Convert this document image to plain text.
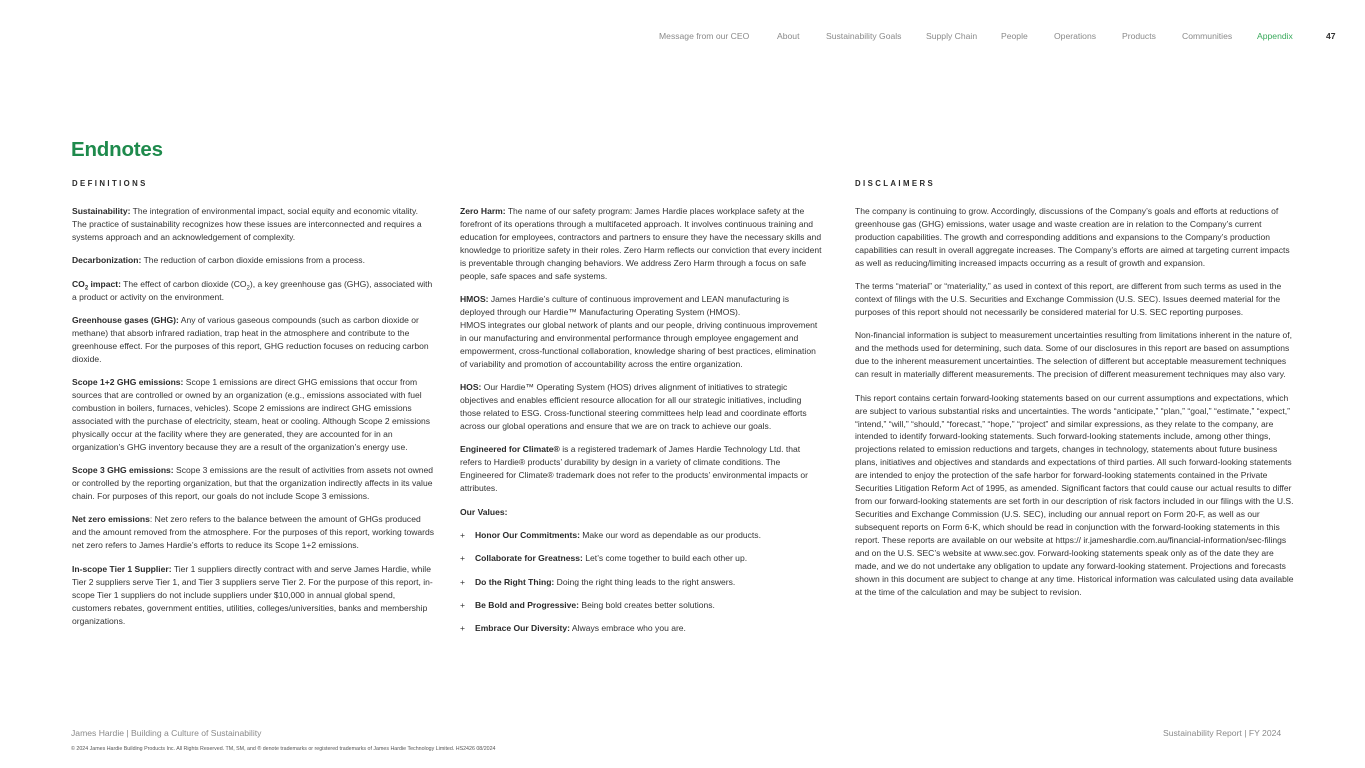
Message from our CEO	About	Sustainability Goals	Supply Chain	People	Operations	Products	Communities	Appendix	47
Endnotes
DEFINITIONS	DISCLAIMERS

Sustainability: The integration of environmental impact, social equity and economic vitality. The practice of sustainability recognizes how these issues are interconnected and requires a systems approach and an acknowledgement of complexity.

Decarbonization: The reduction of carbon dioxide emissions from a process.

$CO_2$ impact: The effect of carbon dioxide $(CO_2)$, a key greenhouse gas (GHG), associated with a product or activity on the environment.

Greenhouse gases (GHG): Any of various gaseous compounds (such as carbon dioxide or methane) that absorb infrared radiation, trap heat in the atmosphere and contribute to the greenhouse effect. For the purposes of this report, GHG reduction focuses on reducing carbon dioxide.

Scope 1+2 GHG emissions: Scope 1 emissions are direct GHG emissions that occur from sources that are controlled or owned by an organization (e.g., emissions associated with fuel combustion in boilers, furnaces, vehicles). Scope 2 emissions are indirect GHG emissions associated with the purchase of electricity, steam, heat or cooling. Although Scope 2 emissions physically occur at the facility where they are generated, they are accounted for in an organization’s GHG inventory because they are a result of the organization’s energy use.

Scope 3 GHG emissions: Scope 3 emissions are the result of activities from assets not owned or controlled by the reporting organization, but that the organization indirectly affects in its value chain. For purposes of this report, our goals do not include Scope 3 emissions.

Net zero emissions: Net zero refers to the balance between the amount of GHGs produced and the amount removed from the atmosphere. For the purposes of this report, working towards net zero refers to James Hardie’s efforts to reduce its Scope 1+2 emissions.

In-scope Tier 1 Supplier: Tier 1 suppliers directly contract with and serve James Hardie, while Tier 2 suppliers serve Tier 1, and Tier 3 suppliers serve Tier 2. For the purpose of this report, in-scope Tier 1 suppliers do not include suppliers under $10,000 in annual global spend, customers rebates, government entities, utilities, colleges/universities, banks and membership organizations.

Zero Harm: The name of our safety program: James Hardie places workplace safety at the forefront of its operations through a multifaceted approach. It involves continuous training and education for employees, contractors and partners to ensure they have the necessary skills and knowledge to prioritize safety in their roles. Zero Harm reflects our conviction that every incident is preventable through changing behaviors. We address Zero Harm through a focus on safe people, safe spaces and safe systems.

HMOS: James Hardie’s culture of continuous improvement and LEAN manufacturing is deployed through our Hardie™ Manufacturing Operating System (HMOS).
HMOS integrates our global network of plants and our people, driving continuous improvement in our manufacturing and environmental performance through employee engagement and empowerment, cross-functional collaboration, knowledge sharing of best practices, elimination of variability and promotion of accountability across the entire organization.

HOS: Our Hardie™ Operating System (HOS) drives alignment of initiatives to strategic objectives and enables efficient resource allocation for all our strategic initiatives, including those related to ESG. Cross-functional steering committees help lead and coordinate efforts across our global operations and ensure that we are on track to achieve our goals.

Engineered for Climate® is a registered trademark of James Hardie Technology Ltd. that refers to Hardie® products’ durability by design in a variety of climate conditions. The Engineered for Climate® trademark does not refer to the products’ environmental impacts or attributes.

Our Values:

+ Honor Our Commitments: Make our word as dependable as our products.
+ Collaborate for Greatness: Let’s come together to build each other up.
+ Do the Right Thing: Doing the right thing leads to the right answers.
+ Be Bold and Progressive: Being bold creates better solutions.
+ Embrace Our Diversity: Always embrace who you are.

The company is continuing to grow. Accordingly, discussions of the Company’s goals and efforts at reductions of greenhouse gas (GHG) emissions, water usage and waste creation are in relation to the Company’s current production capabilities. The growth and corresponding additions and expansions to the Company’s production capabilities can result in overall aggregate increases. The Company’s efforts are aimed at targeting current impacts as well as reducing/limiting increased impacts occurring as a result of growth and expansion.

The terms “material” or “materiality,” as used in context of this report, are different from such terms as used in the context of filings with the U.S. Securities and Exchange Commission (U.S. SEC). Issues deemed material for the purposes of this report should not necessarily be considered material for U.S. SEC reporting purposes.

Non-financial information is subject to measurement uncertainties resulting from limitations inherent in the nature of, and the methods used for determining, such data. Some of our disclosures in this report are based on assumptions due to the inherent measurement uncertainties. The selection of different but acceptable measurement techniques can result in materially different measurements. The precision of different measurement techniques may also vary.

This report contains certain forward-looking statements based on our current assumptions and expectations, which are subject to various substantial risks and uncertainties. The words “anticipate,” “plan,” “goal,” “estimate,” “expect,” “intend,” “will,” “should,” “forecast,” “hope,” “project” and similar expressions, as they relate to the company, are intended to identify forward-looking statements. Such forward-looking statements include, among other things, projections related to emission reductions and targets, changes in technology, statements about future business plans, initiatives and objectives and standards and expectations of third parties. All such forward-looking statements are intended to enjoy the protection of the safe harbor for forward-looking statements contained in the Private Securities Litigation Reform Act of 1995, as amended. Significant factors that could cause our actual results to differ from our forward-looking statements are set forth in our description of risk factors included in our filings with the U.S. Securities and Exchange Commission (U.S. SEC), including our annual report on Form 20-F, as well as our subsequent reports on Form 6-K, which should be read in conjunction with the forward-looking statements in this report. These reports are available on our website at https:// ir.jameshardie.com.au/financial-information/sec-filings and on the U.S. SEC’s website at www.sec.gov. Forward-looking statements speak only as of the date they are made, and we do not undertake any obligation to update any forward-looking statement. Projections and forecasts shown in this document are subject to change at any time. Historical information was calculated using data available at the time of the calculation and may be subject to revision.

James Hardie | Building a Culture of Sustainability	Sustainability Report | FY 2024
© 2024 James Hardie Building Products Inc. All Rights Reserved. TM, SM, and ® denote trademarks or registered trademarks of James Hardie Technology Limited. HS2426 08/2024
